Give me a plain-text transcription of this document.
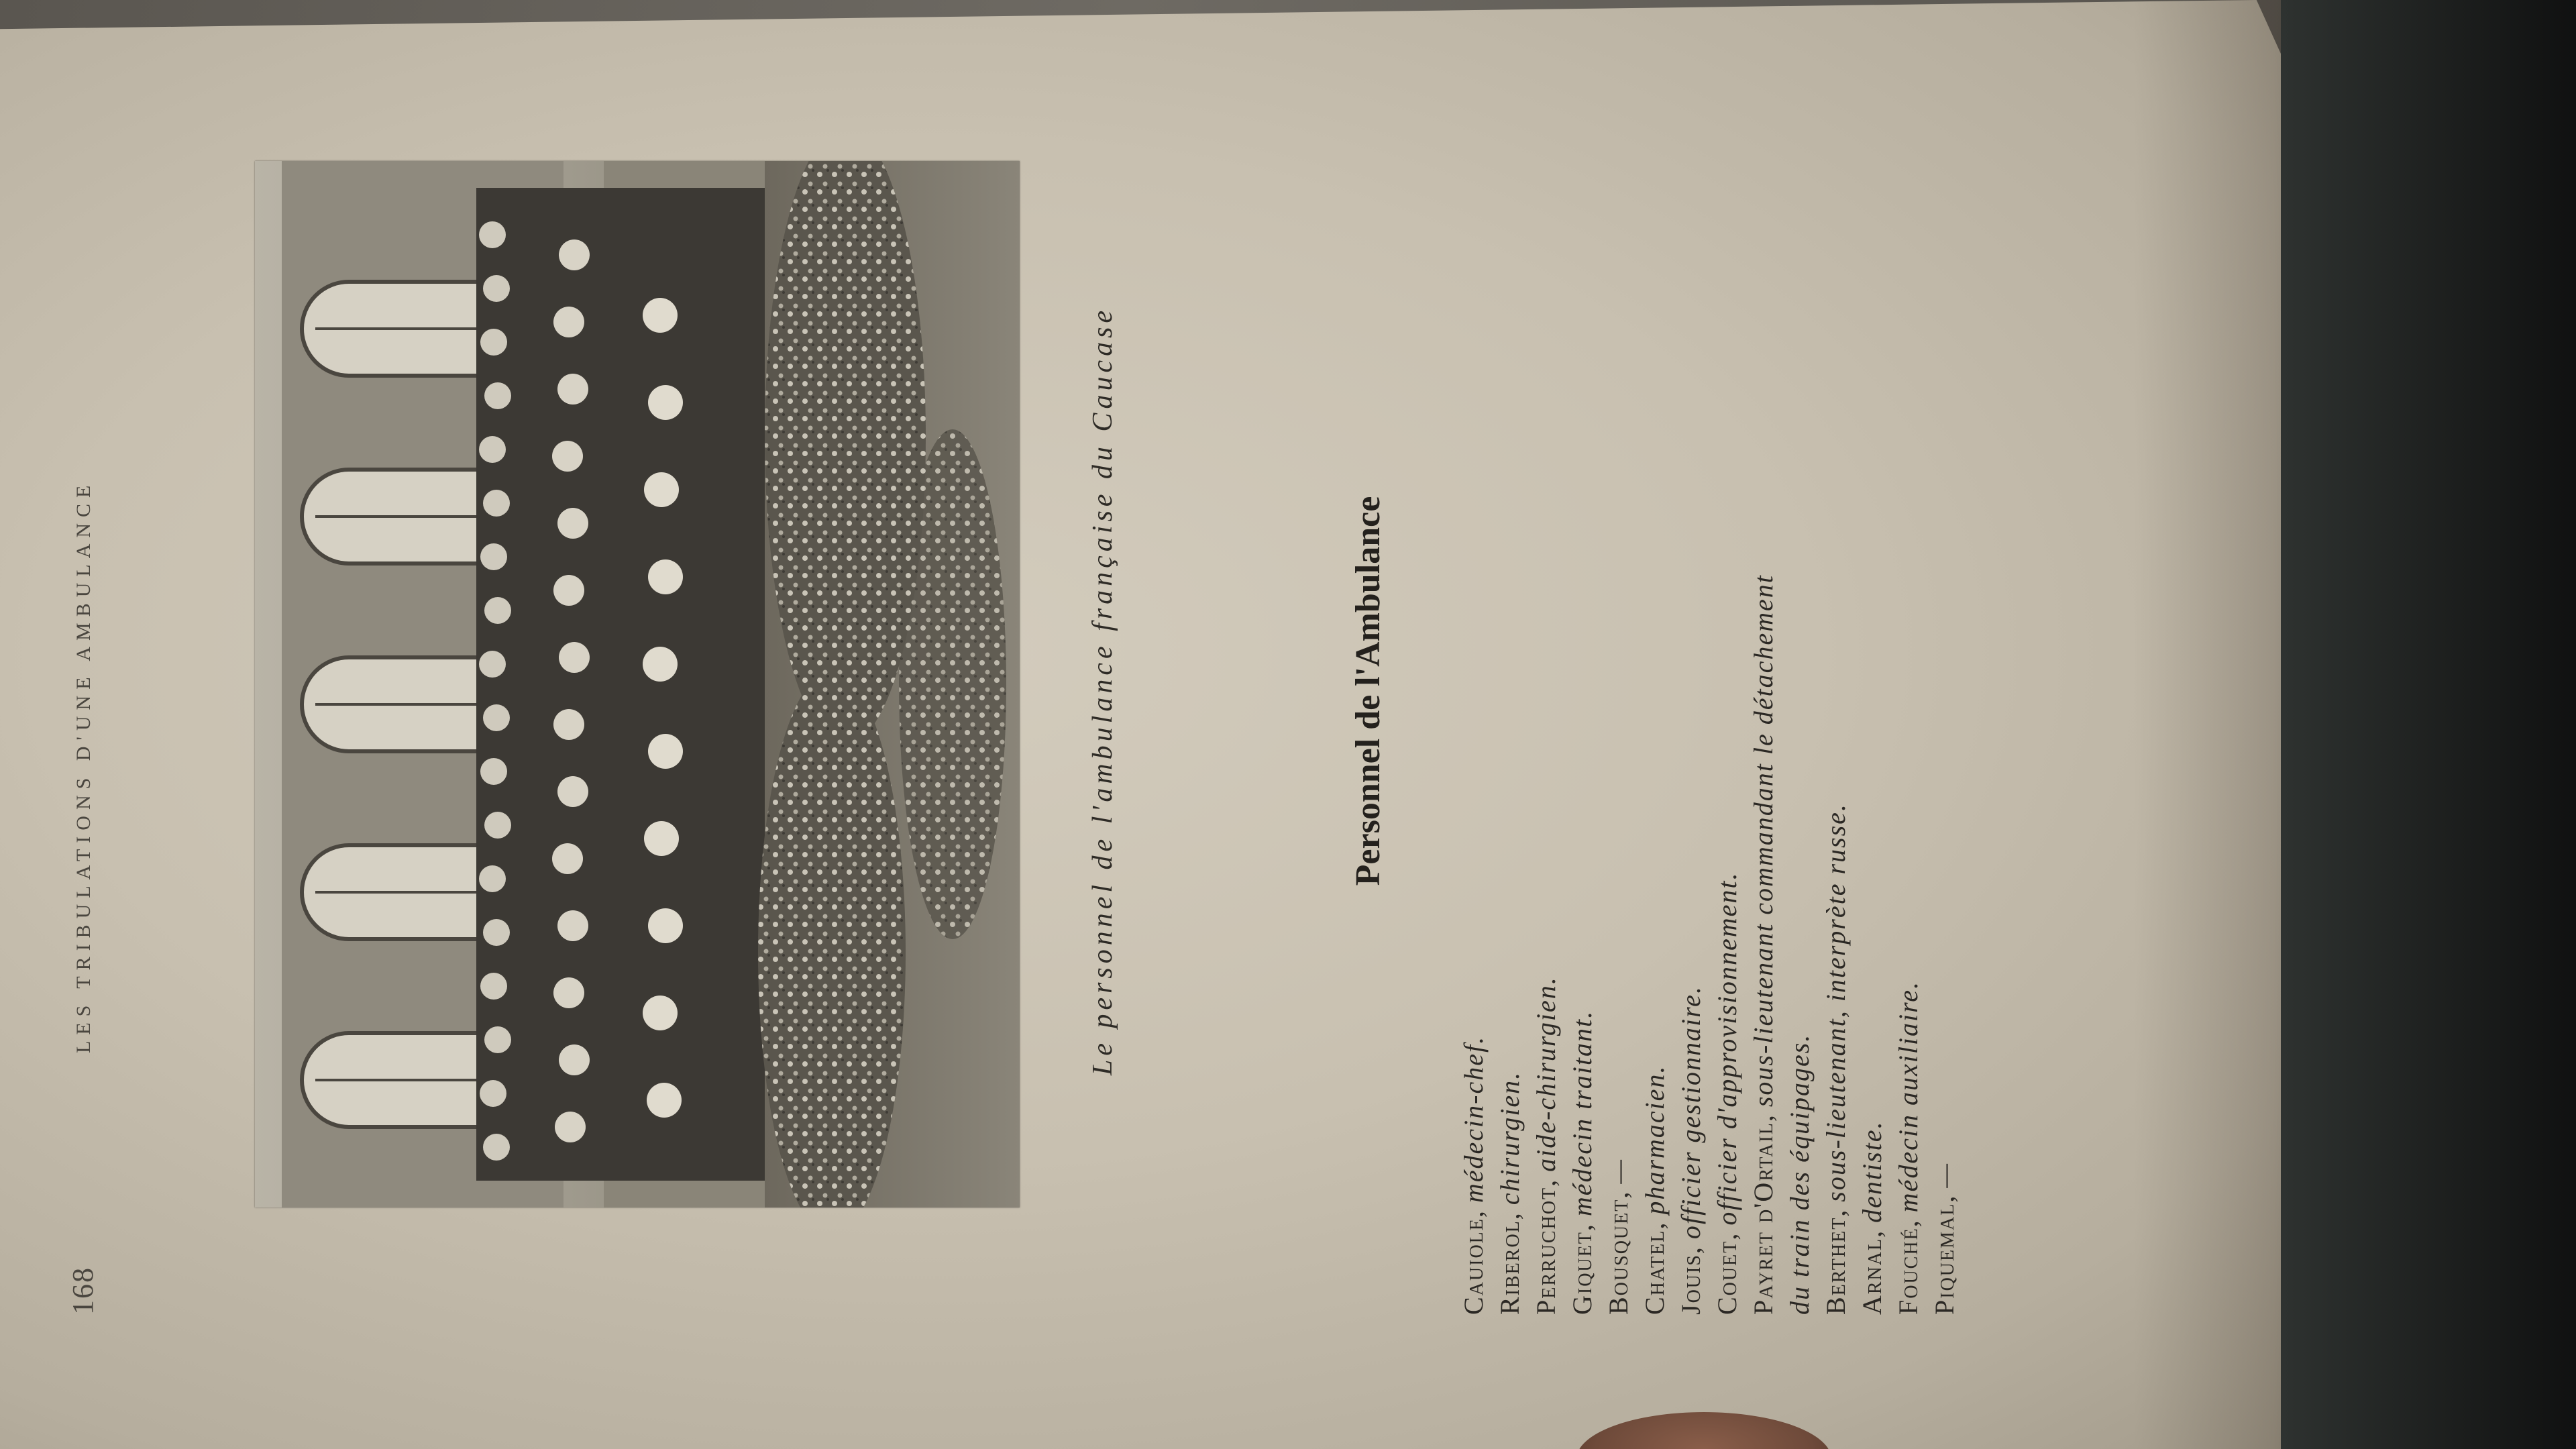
168
LES TRIBULATIONS D'UNE AMBULANCE	Le personnel de l'ambulance française du Caucase	Personnel de l'Ambulance
Cauiole, médecin-chef.
Riberol, chirurgien.
Perruchot, aide-chirurgien.
Giquet, médecin traitant.
Bousquet, —
Chatel, pharmacien.
Jouis, officier gestionnaire.
Couet, officier d'approvisionnement. Payret d'Ortail, sous-lieutenant commandant le détachement
du train des équipages. Berthet, sous-lieutenant, interprète russe.
Arnal, dentiste.
Fouché, médecin auxiliaire.
Piquemal, —
